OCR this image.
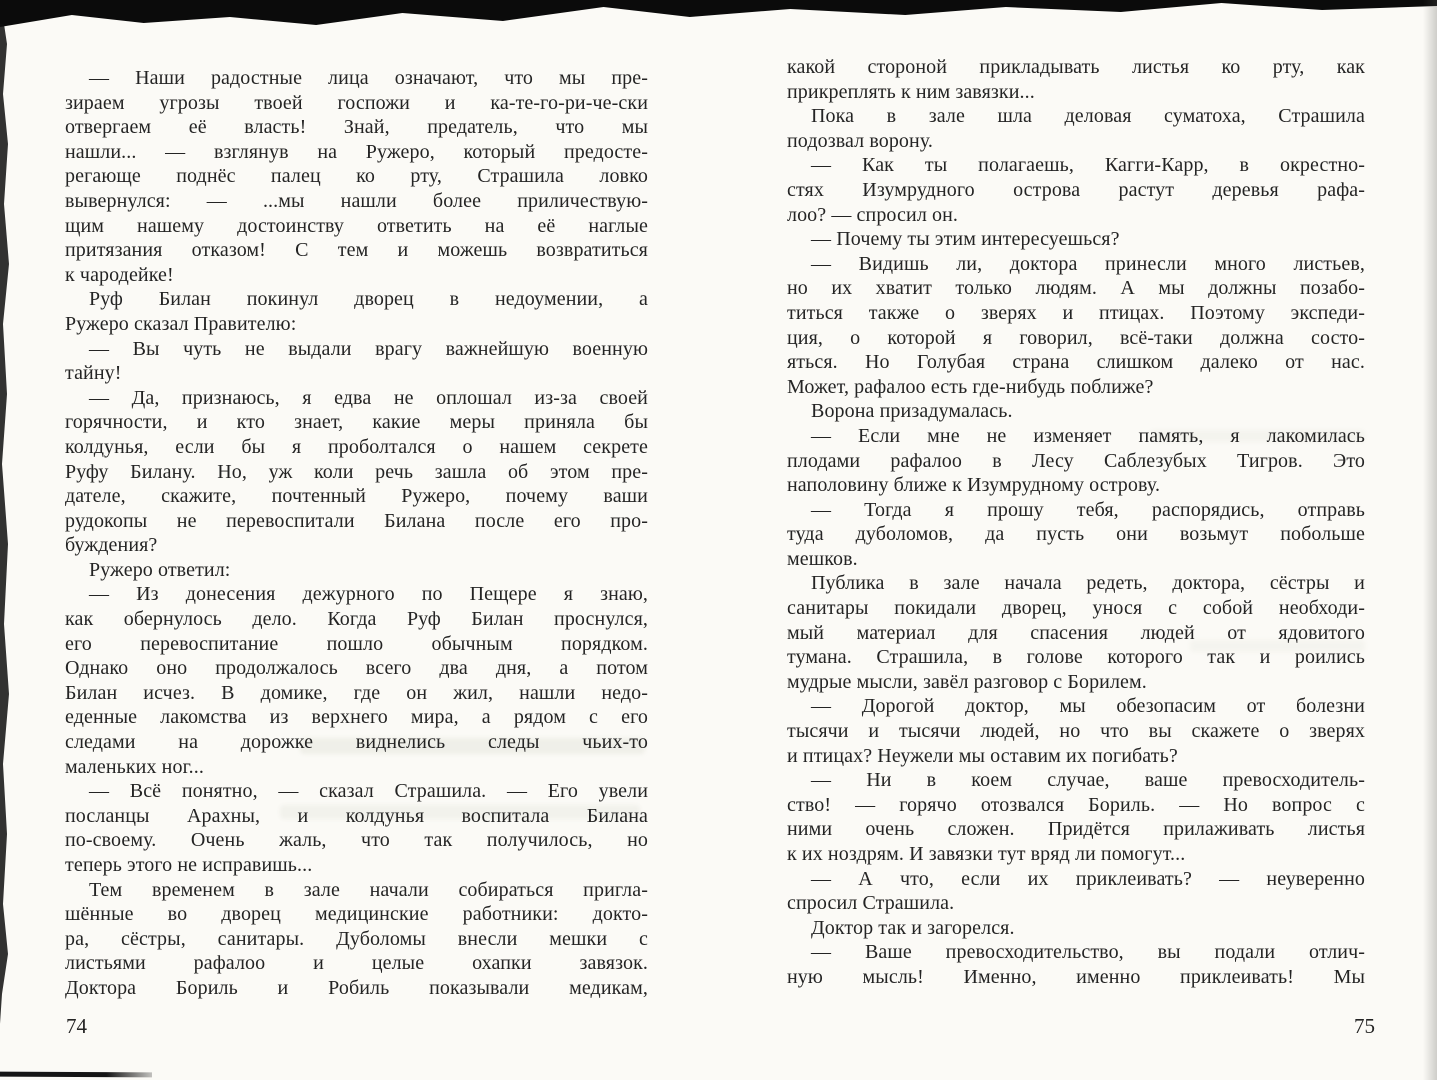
— Наши радостные лица означают, что мы пре-
зираем угрозы твоей госпожи и ка-те-го-ри-че-ски
отвергаем её власть! Знай, предатель, что мы
нашли... — взглянув на Ружеро, который предосте-
регающе поднёс палец ко рту, Страшила ловко
вывернулся: — ...мы нашли более приличествую-
щим нашему достоинству ответить на её наглые
притязания отказом! С тем и можешь возвратиться
к чародейке!
Руф Билан покинул дворец в недоумении, а
Ружеро сказал Правителю:
— Вы чуть не выдали врагу важнейшую военную
тайну!
— Да, признаюсь, я едва не оплошал из-за своей
горячности, и кто знает, какие меры приняла бы
колдунья, если бы я проболтался о нашем секрете
Руфу Билану. Но, уж коли речь зашла об этом пре-
дателе, скажите, почтенный Ружеро, почему ваши
рудокопы не перевоспитали Билана после его про-
буждения?
Ружеро ответил:
— Из донесения дежурного по Пещере я знаю,
как обернулось дело. Когда Руф Билан проснулся,
его перевоспитание пошло обычным порядком.
Однако оно продолжалось всего два дня, а потом
Билан исчез. В домике, где он жил, нашли недо-
еденные лакомства из верхнего мира, а рядом с его
следами на дорожке виднелись следы чьих-то
маленьких ног...
— Всё понятно, — сказал Страшила. — Его увели
посланцы Арахны, и колдунья воспитала Билана
по-своему. Очень жаль, что так получилось, но
теперь этого не исправишь...
Тем временем в зале начали собираться пригла-
шённые во дворец медицинские работники: докто-
ра, сёстры, санитары. Дуболомы внесли мешки с
листьями рафалоо и целые охапки завязок.
Доктора Бориль и Робиль показывали медикам,
какой стороной прикладывать листья ко рту, как
прикреплять к ним завязки...
Пока в зале шла деловая суматоха, Страшила
подозвал ворону.
— Как ты полагаешь, Кагги-Карр, в окрестно-
стях Изумрудного острова растут деревья рафа-
лоо? — спросил он.
— Почему ты этим интересуешься?
— Видишь ли, доктора принесли много листьев,
но их хватит только людям. А мы должны позабо-
титься также о зверях и птицах. Поэтому экспеди-
ция, о которой я говорил, всё-таки должна состо-
яться. Но Голубая страна слишком далеко от нас.
Может, рафалоо есть где-нибудь поближе?
Ворона призадумалась.
— Если мне не изменяет память, я лакомилась
плодами рафалоо в Лесу Саблезубых Тигров. Это
наполовину ближе к Изумрудному острову.
— Тогда я прошу тебя, распорядись, отправь
туда дуболомов, да пусть они возьмут побольше
мешков.
Публика в зале начала редеть, доктора, сёстры и
санитары покидали дворец, унося с собой необходи-
мый материал для спасения людей от ядовитого
тумана. Страшила, в голове которого так и роились
мудрые мысли, завёл разговор с Борилем.
— Дорогой доктор, мы обезопасим от болезни
тысячи и тысячи людей, но что вы скажете о зверях
и птицах? Неужели мы оставим их погибать?
— Ни в коем случае, ваше превосходитель-
ство! — горячо отозвался Бориль. — Но вопрос с
ними очень сложен. Придётся прилаживать листья
к их ноздрям. И завязки тут вряд ли помогут...
— А что, если их приклеивать? — неуверенно
спросил Страшила.
Доктор так и загорелся.
— Ваше превосходительство, вы подали отлич-
ную мысль! Именно, именно приклеивать! Мы
74	75
